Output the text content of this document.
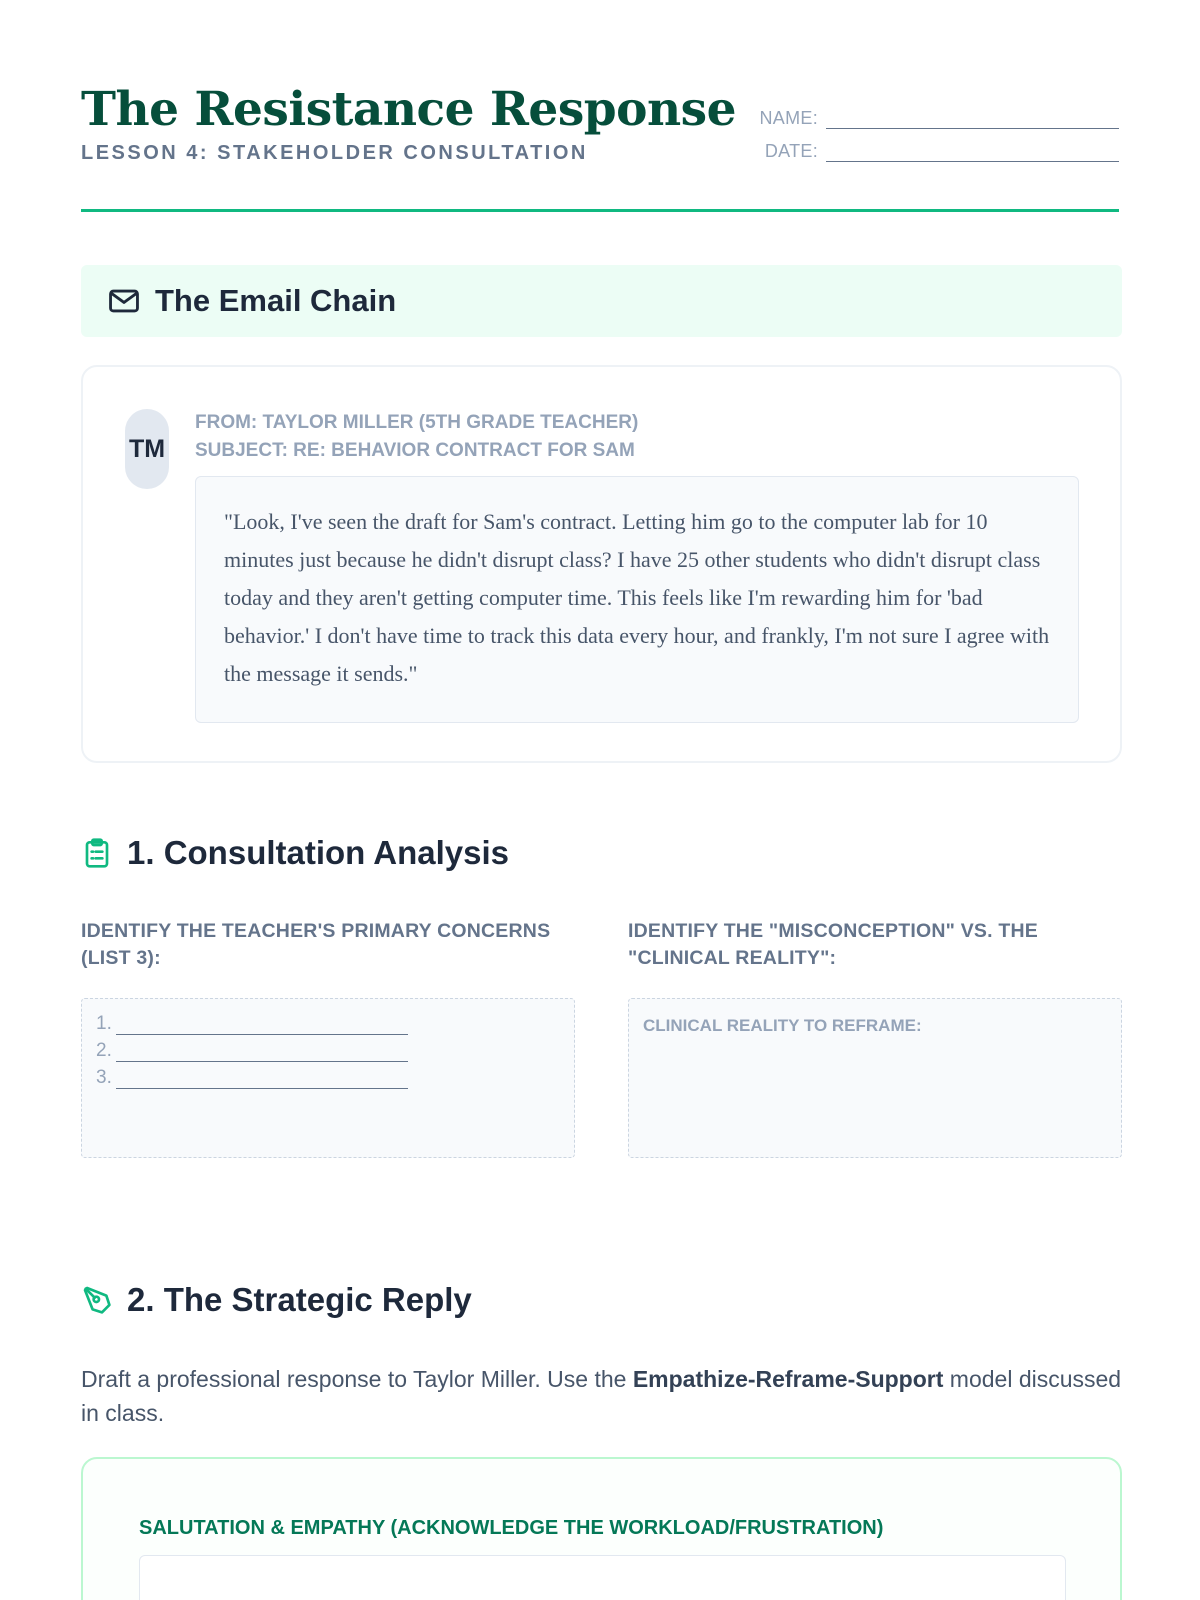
The Resistance Response
LESSON 4: STAKEHOLDER CONSULTATION
NAME:
DATE:
The Email Chain
TM
FROM: TAYLOR MILLER (5TH GRADE TEACHER)
SUBJECT: RE: BEHAVIOR CONTRACT FOR SAM
"Look, I've seen the draft for Sam's contract. Letting him go to the computer lab for 10 minutes just because he didn't disrupt class? I have 25 other students who didn't disrupt class today and they aren't getting computer time. This feels like I'm rewarding him for 'bad behavior.' I don't have time to track this data every hour, and frankly, I'm not sure I agree with the message it sends."
1. Consultation Analysis
IDENTIFY THE TEACHER'S PRIMARY CONCERNS (LIST 3):
IDENTIFY THE "MISCONCEPTION" VS. THE "CLINICAL REALITY":
1.
2.
3.
CLINICAL REALITY TO REFRAME:
2. The Strategic Reply

Draft a professional response to Taylor Miller. Use the Empathize-Reframe-Support model discussed in class.

SALUTATION & EMPATHY (ACKNOWLEDGE THE WORKLOAD/FRUSTRATION)
